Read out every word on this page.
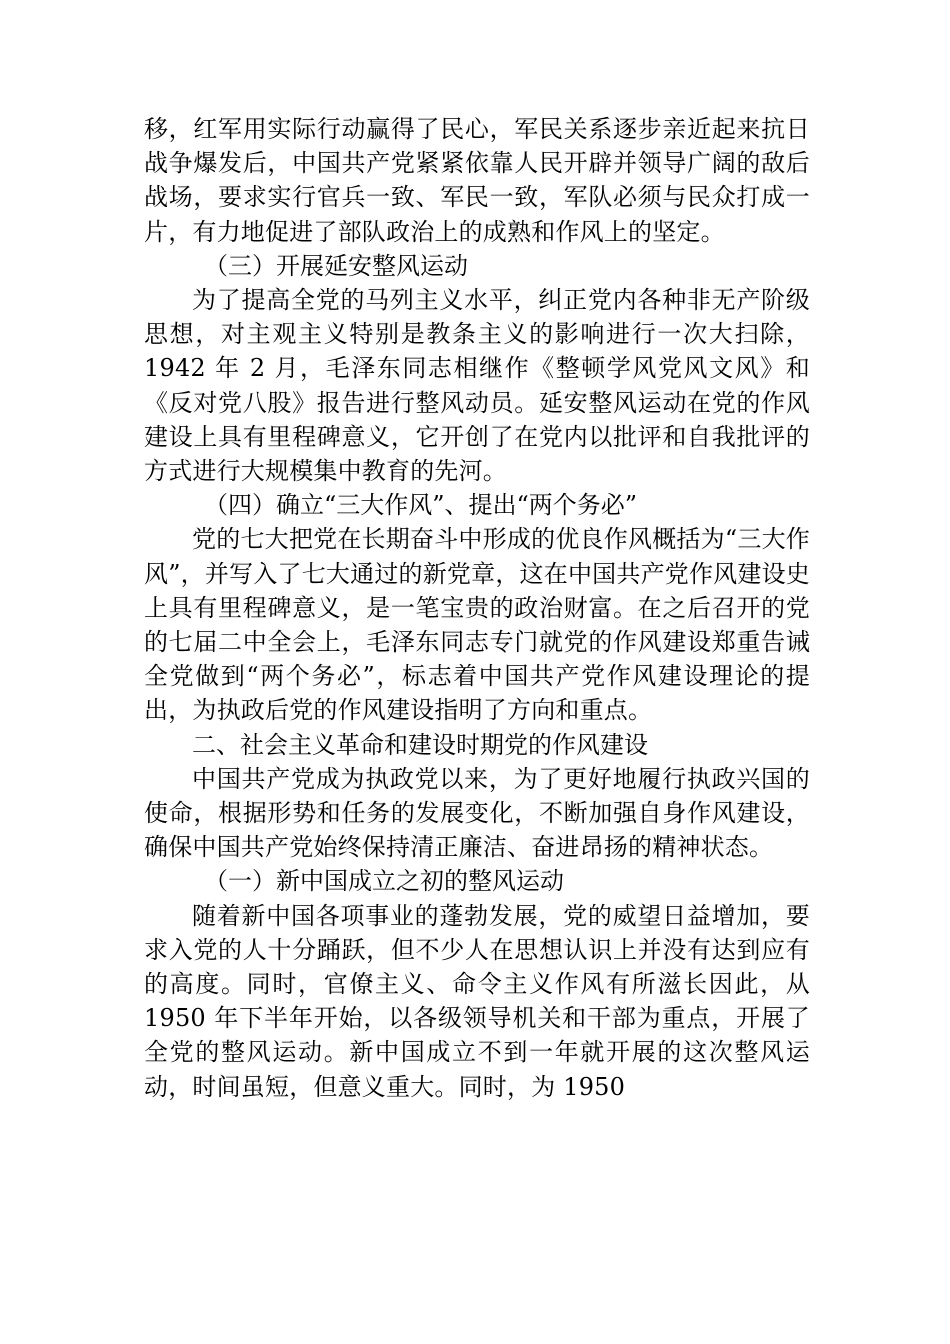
移，红军用实际行动赢得了民心，军民关系逐步亲近起来抗日战争爆发后，中国共产党紧紧依靠人民开辟并领导广阔的敌后战场，要求实行官兵一致、军民一致，军队必须与民众打成一片，有力地促进了部队政治上的成熟和作风上的坚定。

（三）开展延安整风运动

为了提高全党的马列主义水平，纠正党内各种非无产阶级思想，对主观主义特别是教条主义的影响进行一次大扫除，1942 年 2 月，毛泽东同志相继作《整顿学风党风文风》和《反对党八股》报告进行整风动员。延安整风运动在党的作风建设上具有里程碑意义，它开创了在党内以批评和自我批评的方式进行大规模集中教育的先河。

（四）确立“三大作风”、提出“两个务必”

党的七大把党在长期奋斗中形成的优良作风概括为“三大作风”，并写入了七大通过的新党章，这在中国共产党作风建设史上具有里程碑意义，是一笔宝贵的政治财富。在之后召开的党的七届二中全会上，毛泽东同志专门就党的作风建设郑重告诫全党做到“两个务必”，标志着中国共产党作风建设理论的提出，为执政后党的作风建设指明了方向和重点。

二、社会主义革命和建设时期党的作风建设

中国共产党成为执政党以来，为了更好地履行执政兴国的使命，根据形势和任务的发展变化，不断加强自身作风建设，确保中国共产党始终保持清正廉洁、奋进昂扬的精神状态。

（一）新中国成立之初的整风运动

随着新中国各项事业的蓬勃发展，党的威望日益增加，要求入党的人十分踊跃，但不少人在思想认识上并没有达到应有的高度。同时，官僚主义、命令主义作风有所滋长因此，从 1950 年下半年开始，以各级领导机关和干部为重点，开展了全党的整风运动。新中国成立不到一年就开展的这次整风运动，时间虽短，但意义重大。同时，为 1950
